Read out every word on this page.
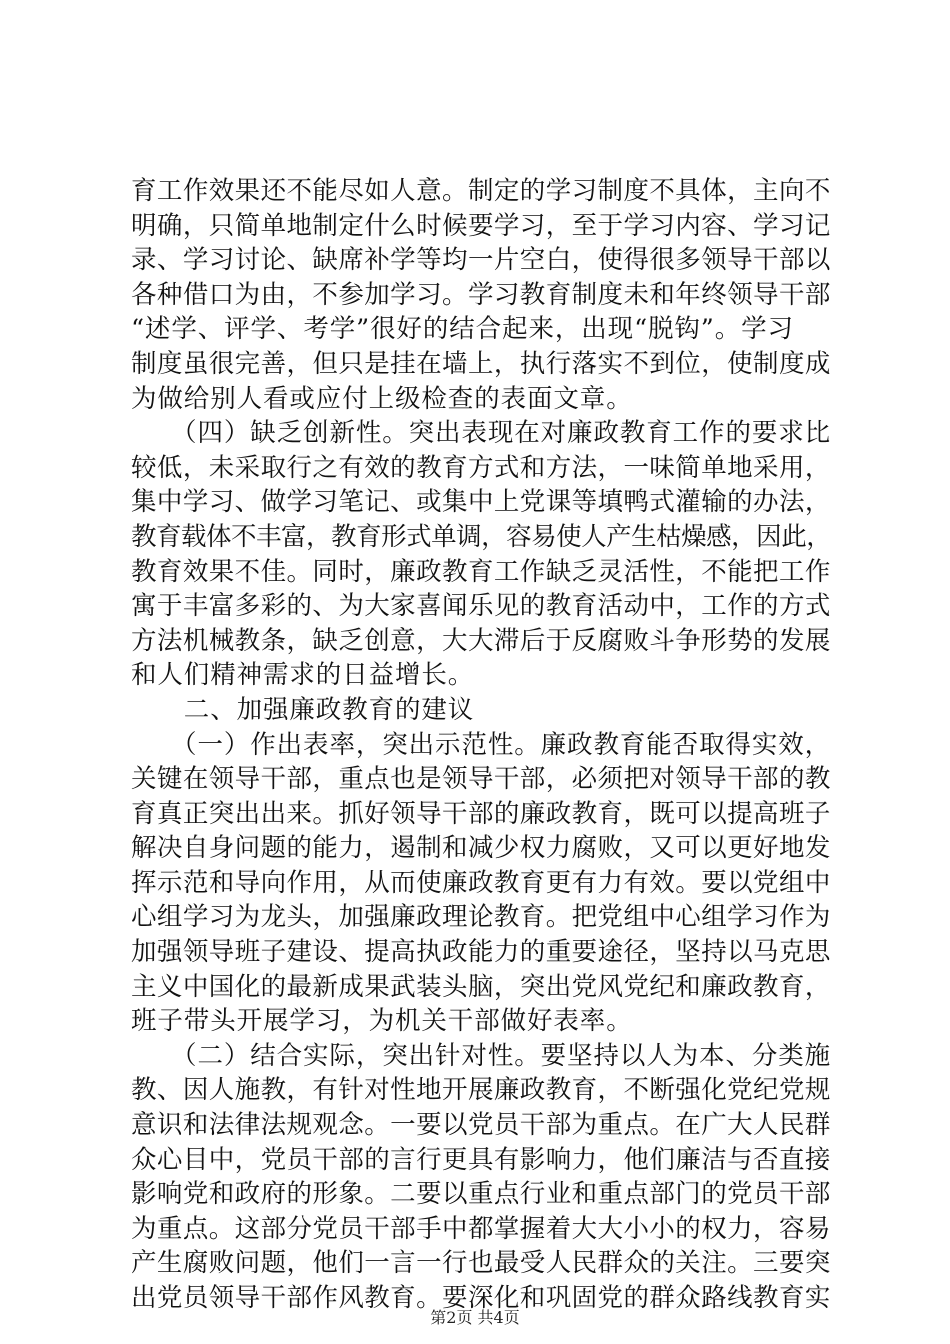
育工作效果还不能尽如人意。制定的学习制度不具体，主向不
明确，只简单地制定什么时候要学习，至于学习内容、学习记
录、学习讨论、缺席补学等均一片空白，使得很多领导干部以
各种借口为由，不参加学习。学习教育制度未和年终领导干部
“述学、评学、考学”很好的结合起来，出现“脱钩”。学习
制度虽很完善，但只是挂在墙上，执行落实不到位，使制度成
为做给别人看或应付上级检查的表面文章。
　　（四）缺乏创新性。突出表现在对廉政教育工作的要求比
较低，未采取行之有效的教育方式和方法，一味简单地采用，
集中学习、做学习笔记、或集中上党课等填鸭式灌输的办法，
教育载体不丰富，教育形式单调，容易使人产生枯燥感，因此，
教育效果不佳。同时，廉政教育工作缺乏灵活性，不能把工作
寓于丰富多彩的、为大家喜闻乐见的教育活动中，工作的方式
方法机械教条，缺乏创意，大大滞后于反腐败斗争形势的发展
和人们精神需求的日益增长。
　　二、加强廉政教育的建议
　　（一）作出表率，突出示范性。廉政教育能否取得实效，
关键在领导干部，重点也是领导干部，必须把对领导干部的教
育真正突出出来。抓好领导干部的廉政教育，既可以提高班子
解决自身问题的能力，遏制和减少权力腐败，又可以更好地发
挥示范和导向作用，从而使廉政教育更有力有效。要以党组中
心组学习为龙头，加强廉政理论教育。把党组中心组学习作为
加强领导班子建设、提高执政能力的重要途径，坚持以马克思
主义中国化的最新成果武装头脑，突出党风党纪和廉政教育，
班子带头开展学习，为机关干部做好表率。
　　（二）结合实际，突出针对性。要坚持以人为本、分类施
教、因人施教，有针对性地开展廉政教育，不断强化党纪党规
意识和法律法规观念。一要以党员干部为重点。在广大人民群
众心目中，党员干部的言行更具有影响力，他们廉洁与否直接
影响党和政府的形象。二要以重点行业和重点部门的党员干部
为重点。这部分党员干部手中都掌握着大大小小的权力，容易
产生腐败问题，他们一言一行也最受人民群众的关注。三要突
出党员领导干部作风教育。要深化和巩固党的群众路线教育实
第2页 共4页
